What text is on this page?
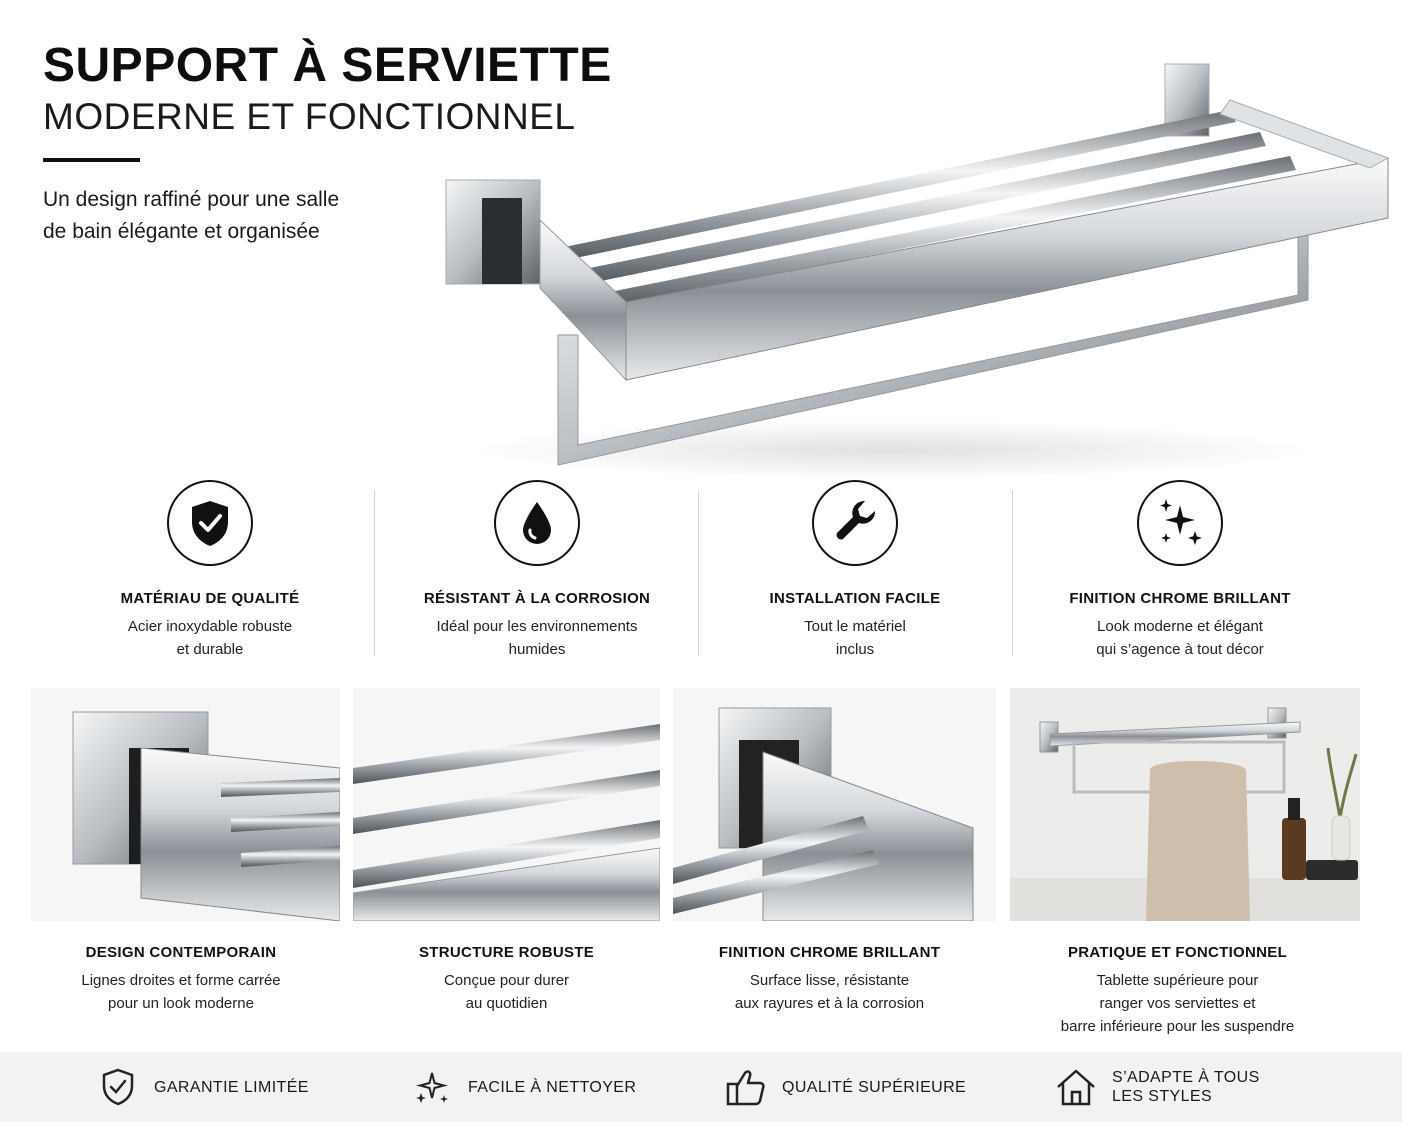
SUPPORT À SERVIETTE
MODERNE ET FONCTIONNEL
Un design raffiné pour une salle
de bain élégante et organisée
MATÉRIAU DE QUALITÉ
Acier inoxydable robuste
et durable
RÉSISTANT À LA CORROSION
Idéal pour les environnements
humides
INSTALLATION FACILE
Tout le matériel
inclus
FINITION CHROME BRILLANT
Look moderne et élégant
qui s’agence à tout décor
DESIGN CONTEMPORAIN
Lignes droites et forme carrée
pour un look moderne
STRUCTURE ROBUSTE
Conçue pour durer
au quotidien
FINITION CHROME BRILLANT
Surface lisse, résistante
aux rayures et à la corrosion
PRATIQUE ET FONCTIONNEL
Tablette supérieure pour
ranger vos serviettes et
barre inférieure pour les suspendre
GARANTIE LIMITÉE	FACILE À NETTOYER	QUALITÉ SUPÉRIEURE
S’ADAPTE À TOUS
LES STYLES
